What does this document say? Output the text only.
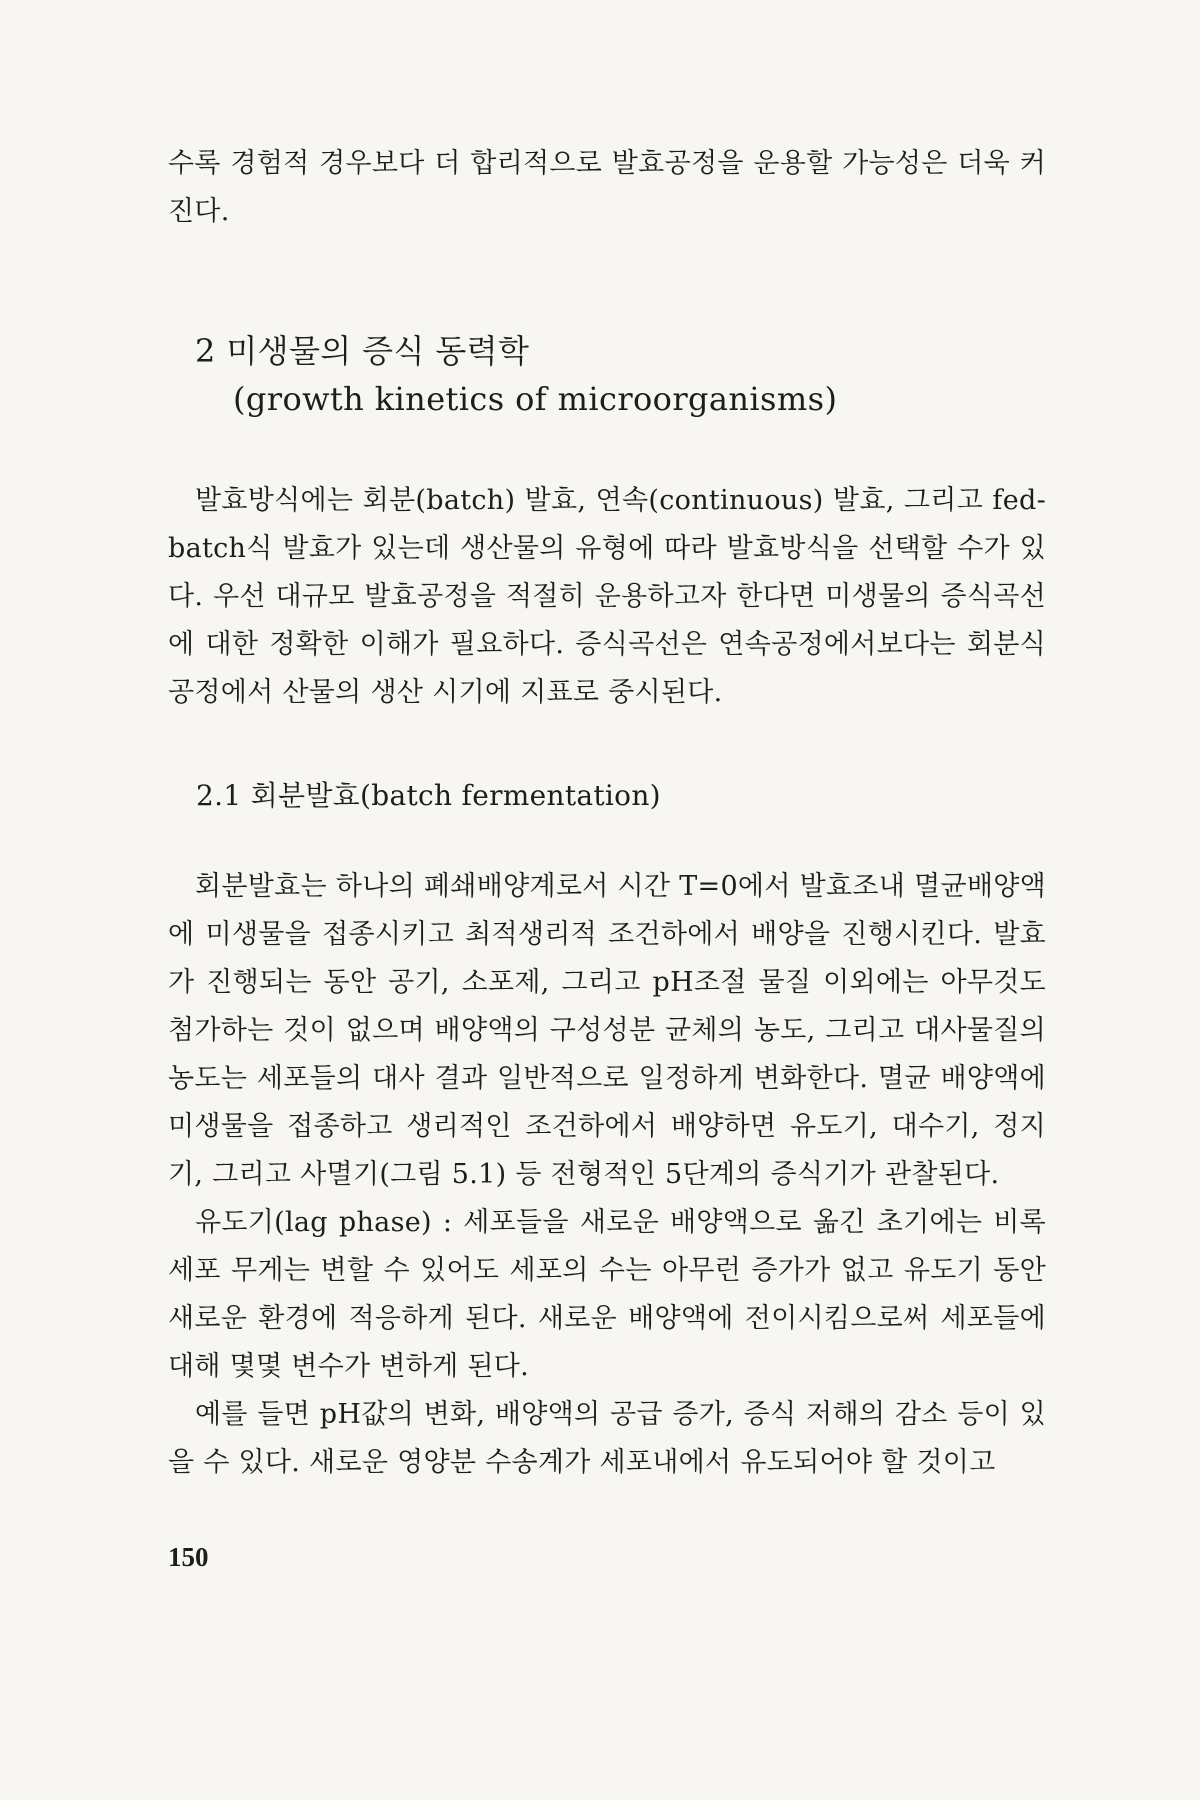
수록 경험적 경우보다 더 합리적으로 발효공정을 운용할 가능성은 더욱 커진다.

2 미생물의 증식 동력학
(growth kinetics of microorganisms)

발효방식에는 회분(batch) 발효, 연속(continuous) 발효, 그리고 fed-batch식 발효가 있는데 생산물의 유형에 따라 발효방식을 선택할 수가 있다. 우선 대규모 발효공정을 적절히 운용하고자 한다면 미생물의 증식곡선에 대한 정확한 이해가 필요하다. 증식곡선은 연속공정에서보다는 회분식 공정에서 산물의 생산 시기에 지표로 중시된다.

2.1 회분발효(batch fermentation)

회분발효는 하나의 폐쇄배양계로서 시간 T=0에서 발효조내 멸균배양액에 미생물을 접종시키고 최적생리적 조건하에서 배양을 진행시킨다. 발효가 진행되는 동안 공기, 소포제, 그리고 pH조절 물질 이외에는 아무것도 첨가하는 것이 없으며 배양액의 구성성분 균체의 농도, 그리고 대사물질의 농도는 세포들의 대사 결과 일반적으로 일정하게 변화한다. 멸균 배양액에 미생물을 접종하고 생리적인 조건하에서 배양하면 유도기, 대수기, 정지기, 그리고 사멸기(그림 5.1) 등 전형적인 5단계의 증식기가 관찰된다.

유도기(lag phase) : 세포들을 새로운 배양액으로 옮긴 초기에는 비록 세포 무게는 변할 수 있어도 세포의 수는 아무런 증가가 없고 유도기 동안 새로운 환경에 적응하게 된다. 새로운 배양액에 전이시킴으로써 세포들에 대해 몇몇 변수가 변하게 된다.

예를 들면 pH값의 변화, 배양액의 공급 증가, 증식 저해의 감소 등이 있을 수 있다. 새로운 영양분 수송계가 세포내에서 유도되어야 할 것이고

150
